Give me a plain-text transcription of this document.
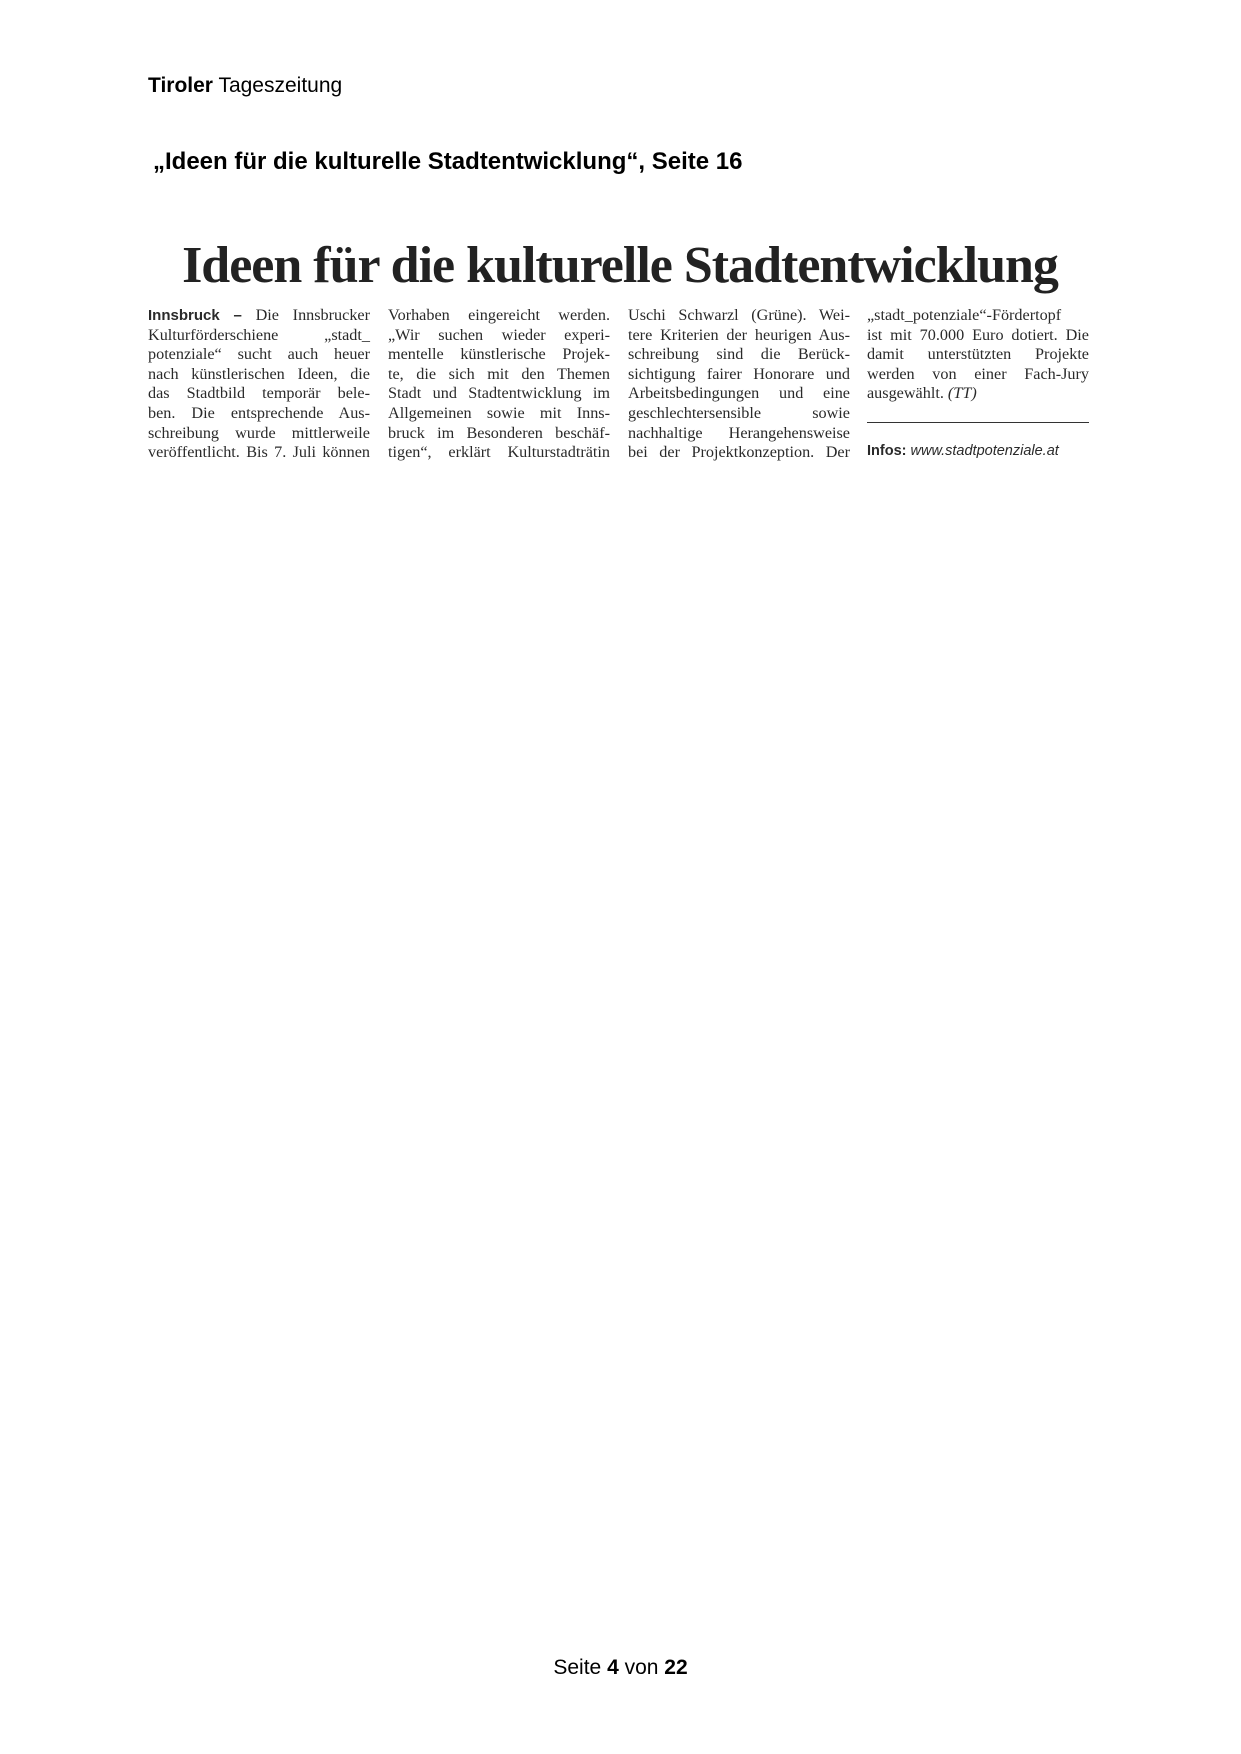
Tiroler Tageszeitung
„Ideen für die kulturelle Stadtentwicklung“, Seite 16
Ideen für die kulturelle Stadtentwicklung
Innsbruck – Die Innsbrucker
Kulturförderschiene „stadt_
potenziale“ sucht auch heuer
nach künstlerischen Ideen, die
das Stadtbild temporär bele-
ben. Die entsprechende Aus-
schreibung wurde mittlerweile
veröffentlicht. Bis 7. Juli können
Vorhaben eingereicht werden.
„Wir suchen wieder experi-
mentelle künstlerische Projek-
te, die sich mit den Themen
Stadt und Stadtentwicklung im
Allgemeinen sowie mit Inns-
bruck im Besonderen beschäf-
tigen“, erklärt Kulturstadträtin
Uschi Schwarzl (Grüne). Wei-
tere Kriterien der heurigen Aus-
schreibung sind die Berück-
sichtigung fairer Honorare und
Arbeitsbedingungen und eine
geschlechtersensible sowie
nachhaltige Herangehensweise
bei der Projektkonzeption. Der
„stadt_potenziale“-Fördertopf
ist mit 70.000 Euro dotiert. Die
damit unterstützten Projekte
werden von einer Fach-Jury
ausgewählt. (TT)
Infos: www.stadtpotenziale.at
Seite 4 von 22
